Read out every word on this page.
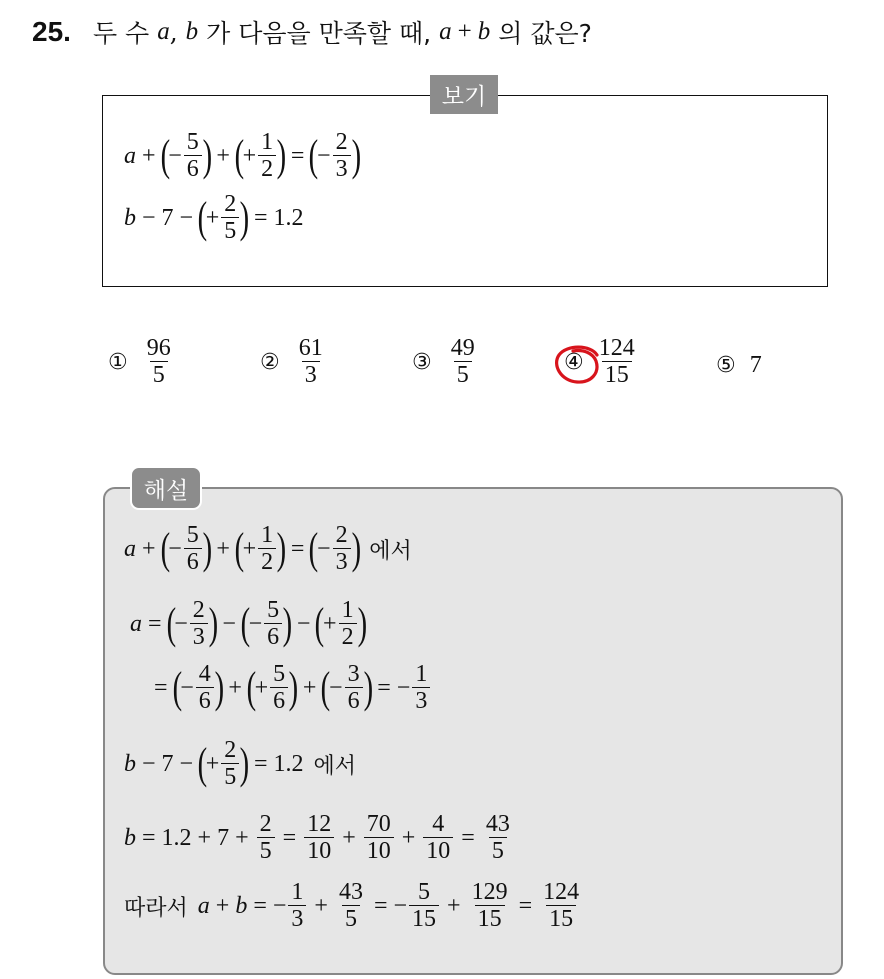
25. 두 수 a , b 가 다음을 만족할 때, a + b 의 값은?
보기
a + (
− $\frac{5}{6}$ ) + (
+ $\frac{1}{2}$ ) = (
− $\frac{2}{3}$ )
b − 7 − (
+ $\frac{2}{5}$ ) = 1.2
① $\frac{96}{5}$	② $\frac{61}{3}$	③ $\frac{49}{5}$	④ $\frac{124}{15}$	⑤ 7
해설
a + (
− $\frac{5}{6}$ ) + (
+ $\frac{1}{2}$ ) = (
− $\frac{2}{3}$ ) 에서
a = (
− $\frac{2}{3}$ ) − (
− $\frac{5}{6}$ ) − (
+ $\frac{1}{2}$ )
= (
− $\frac{4}{6}$ ) + (
+ $\frac{5}{6}$ ) + (
− $\frac{3}{6}$ ) = − $\frac{1}{3}$
b − 7 − (
+ $\frac{2}{5}$ ) = 1.2 에서
$b = 1.2 + 7 + \frac{2}{5} = \frac{12}{10} + \frac{70}{10} + \frac{4}{10} = \frac{43}{5}$
따라서 a + b = − $\frac{1}{3} + \frac{43}{5}$ = − $\frac{5}{15} + \frac{129}{15} = \frac{124}{15}$
